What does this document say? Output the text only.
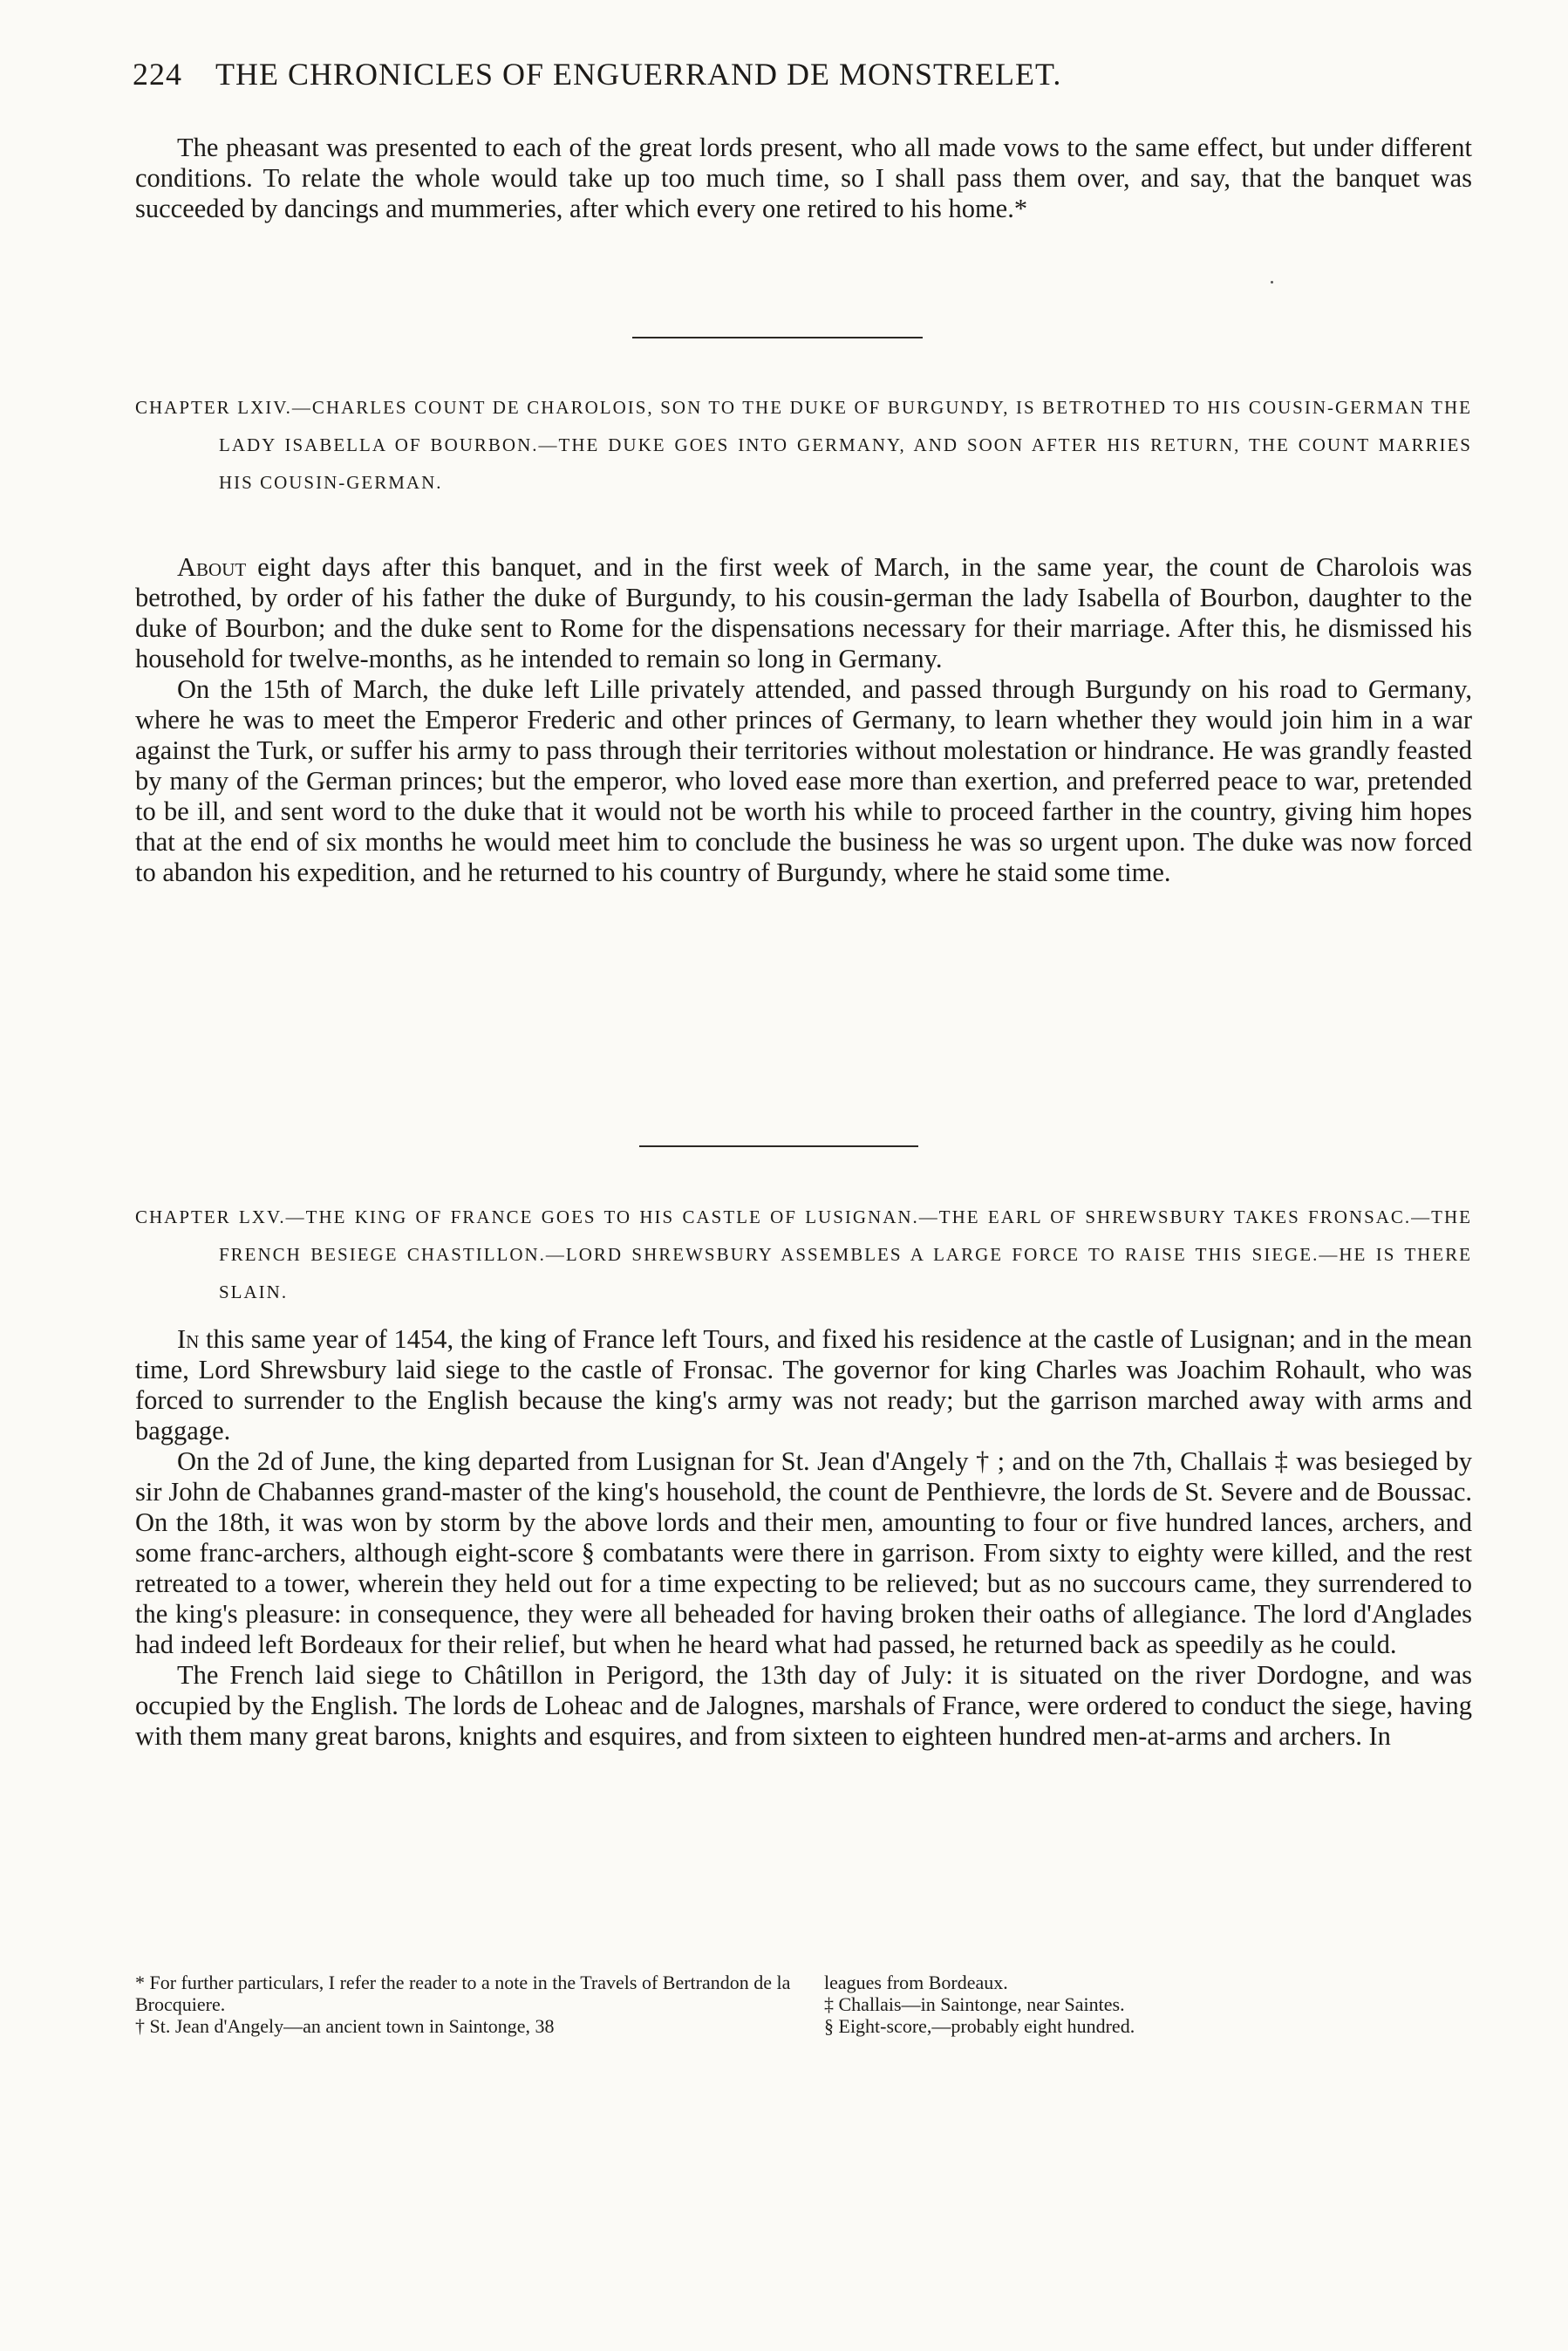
224 THE CHRONICLES OF ENGUERRAND DE MONSTRELET.

The pheasant was presented to each of the great lords present, who all made vows to the same effect, but under different conditions. To relate the whole would take up too much time, so I shall pass them over, and say, that the banquet was succeeded by dancings and mummeries, after which every one retired to his home.*

CHAPTER LXIV.—CHARLES COUNT DE CHAROLOIS, SON TO THE DUKE OF BURGUNDY, IS BETROTHED TO HIS COUSIN-GERMAN THE LADY ISABELLA OF BOURBON.—THE DUKE GOES INTO GERMANY, AND SOON AFTER HIS RETURN, THE COUNT MARRIES HIS COUSIN-GERMAN.

About eight days after this banquet, and in the first week of March, in the same year, the count de Charolois was betrothed, by order of his father the duke of Burgundy, to his cousin-german the lady Isabella of Bourbon, daughter to the duke of Bourbon; and the duke sent to Rome for the dispensations necessary for their marriage. After this, he dismissed his household for twelve-months, as he intended to remain so long in Germany.

On the 15th of March, the duke left Lille privately attended, and passed through Burgundy on his road to Germany, where he was to meet the Emperor Frederic and other princes of Germany, to learn whether they would join him in a war against the Turk, or suffer his army to pass through their territories without molestation or hindrance. He was grandly feasted by many of the German princes; but the emperor, who loved ease more than exertion, and preferred peace to war, pretended to be ill, and sent word to the duke that it would not be worth his while to proceed farther in the country, giving him hopes that at the end of six months he would meet him to conclude the business he was so urgent upon. The duke was now forced to abandon his expedition, and he returned to his country of Burgundy, where he staid some time.

CHAPTER LXV.—THE KING OF FRANCE GOES TO HIS CASTLE OF LUSIGNAN.—THE EARL OF SHREWSBURY TAKES FRONSAC.—THE FRENCH BESIEGE CHASTILLON.—LORD SHREWSBURY ASSEMBLES A LARGE FORCE TO RAISE THIS SIEGE.—HE IS THERE SLAIN.

In this same year of 1454, the king of France left Tours, and fixed his residence at the castle of Lusignan; and in the mean time, Lord Shrewsbury laid siege to the castle of Fronsac. The governor for king Charles was Joachim Rohault, who was forced to surrender to the English because the king's army was not ready; but the garrison marched away with arms and baggage.

On the 2d of June, the king departed from Lusignan for St. Jean d'Angely † ; and on the 7th, Challais ‡ was besieged by sir John de Chabannes grand-master of the king's household, the count de Penthievre, the lords de St. Severe and de Boussac. On the 18th, it was won by storm by the above lords and their men, amounting to four or five hundred lances, archers, and some franc-archers, although eight-score § combatants were there in garrison. From sixty to eighty were killed, and the rest retreated to a tower, wherein they held out for a time expecting to be relieved; but as no succours came, they surrendered to the king's pleasure: in consequence, they were all beheaded for having broken their oaths of allegiance. The lord d'Anglades had indeed left Bordeaux for their relief, but when he heard what had passed, he returned back as speedily as he could.

The French laid siege to Châtillon in Perigord, the 13th day of July: it is situated on the river Dordogne, and was occupied by the English. The lords de Loheac and de Jalognes, marshals of France, were ordered to conduct the siege, having with them many great barons, knights and esquires, and from sixteen to eighteen hundred men-at-arms and archers. In

* For further particulars, I refer the reader to a note in the Travels of Bertrandon de la Brocquiere.

† St. Jean d'Angely—an ancient town in Saintonge, 38

leagues from Bordeaux.

‡ Challais—in Saintonge, near Saintes.

§ Eight-score,—probably eight hundred.
